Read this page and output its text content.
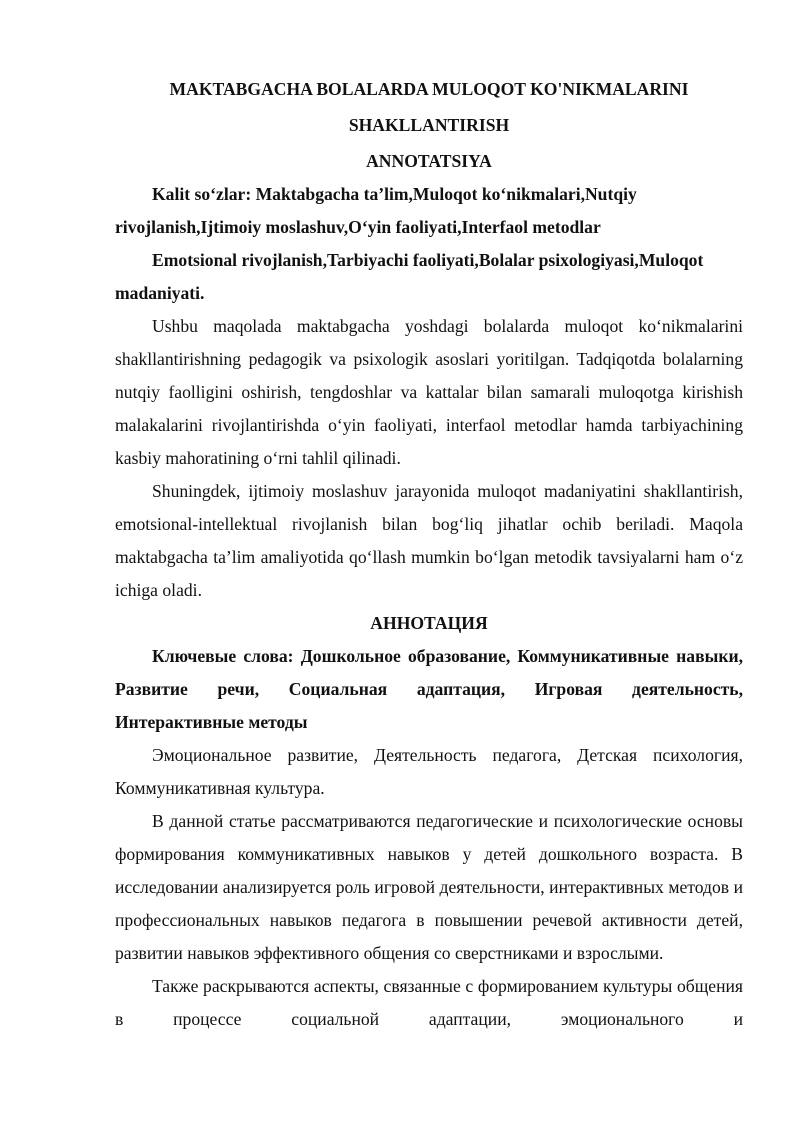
MAKTABGACHA BOLALARDA MULOQOT KO'NIKMALARINI

SHAKLLANTIRISH

ANNOTATSIYA

Kalit so‘zlar: Maktabgacha ta’lim,Muloqot ko‘nikmalari,Nutqiy rivojlanish,Ijtimoiy moslashuv,O‘yin faoliyati,Interfaol metodlar

Emotsional rivojlanish,Tarbiyachi faoliyati,Bolalar psixologiyasi,Muloqot madaniyati.

Ushbu maqolada maktabgacha yoshdagi bolalarda muloqot ko‘nikmalarini shakllantirishning pedagogik va psixologik asoslari yoritilgan. Tadqiqotda bolalarning nutqiy faolligini oshirish, tengdoshlar va kattalar bilan samarali muloqotga kirishish malakalarini rivojlantirishda o‘yin faoliyati, interfaol metodlar hamda tarbiyachining kasbiy mahoratining o‘rni tahlil qilinadi.

Shuningdek, ijtimoiy moslashuv jarayonida muloqot madaniyatini shakllantirish, emotsional-intellektual rivojlanish bilan bog‘liq jihatlar ochib beriladi. Maqola maktabgacha ta’lim amaliyotida qo‘llash mumkin bo‘lgan metodik tavsiyalarni ham o‘z ichiga oladi.

АННОТАЦИЯ

Ключевые слова: Дошкольное образование, Коммуникативные навыки, Развитие речи, Социальная адаптация, Игровая деятельность, Интерактивные методы

Эмоциональное развитие, Деятельность педагога, Детская психология, Коммуникативная культура.

В данной статье рассматриваются педагогические и психологические основы формирования коммуникативных навыков у детей дошкольного возраста. В исследовании анализируется роль игровой деятельности, интерактивных методов и профессиональных навыков педагога в повышении речевой активности детей, развитии навыков эффективного общения со сверстниками и взрослыми.

Также раскрываются аспекты, связанные с формированием культуры общения в процессе социальной адаптации, эмоционального и
